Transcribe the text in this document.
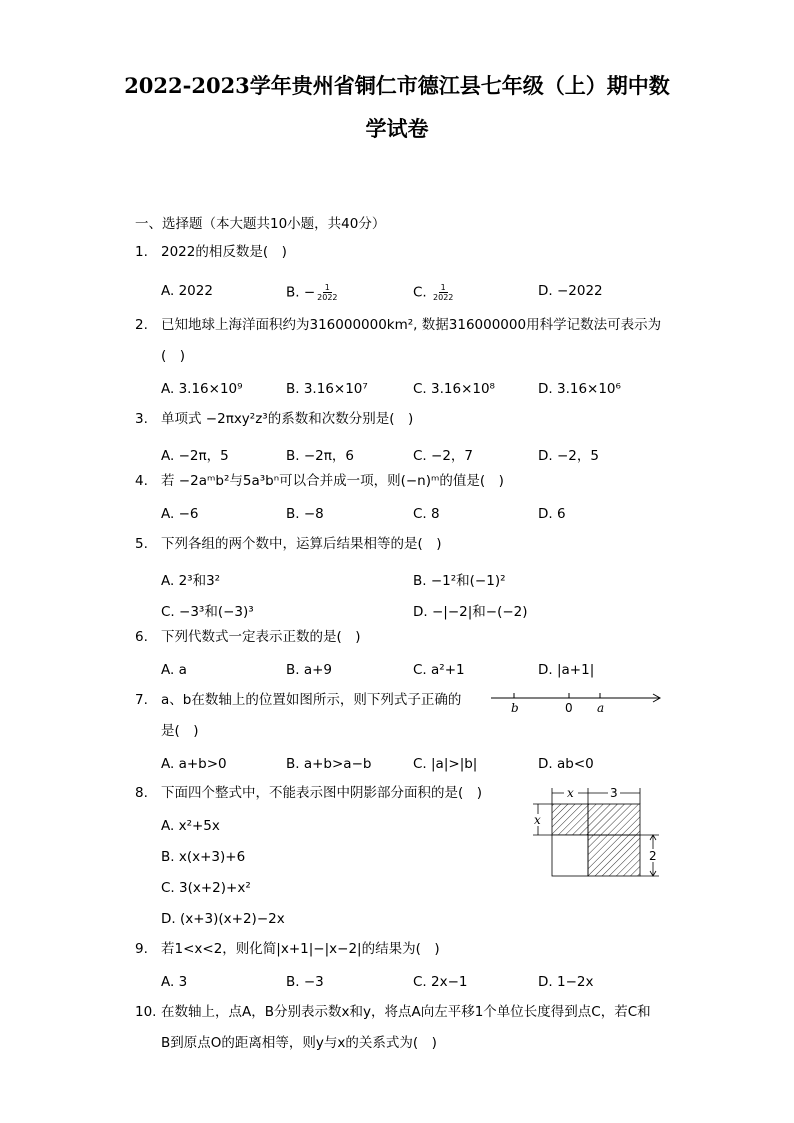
2022-2023学年贵州省铜仁市德江县七年级（上）期中数
学试卷
一、选择题（本大题共10小题，共40分）
1. 2022的相反数是(　)
A. 2022	B. − $\frac{1}{2022}$	C. $\frac{1}{2022}$	D. −2022
2. 已知地球上海洋面积约为316000000km², 数据316000000用科学记数法可表示为
(　)
A. 3.16×10⁹	B. 3.16×10⁷	C. 3.16×10⁸	D. 3.16×10⁶
3. 单项式 −2πxy²z³的系数和次数分别是(　)
A. −2π，5	B. −2π，6	C. −2，7	D. −2，5
4. 若 −2aᵐb²与5a³bⁿ可以合并成一项，则(−n)ᵐ的值是(　)
A. −6	B. −8	C. 8	D. 6
5. 下列各组的两个数中，运算后结果相等的是(　)
A. 2³和3²	B. −1²和(−1)²
C. −3³和(−3)³	D. −|−2|和−(−2)
6. 下列代数式一定表示正数的是(　)
A. a	B. a+9	C. a²+1	D. |a+1|
7. a、b在数轴上的位置如图所示，则下列式子正确的
是(　)
b	0 a
A. a+b>0	B. a+b>a−b	C. |a|>|b|	D. ab<0
8. 下面四个整式中，不能表示图中阴影部分面积的是(　)
A. x²+5x
B. x(x+3)+6
C. 3(x+2)+x²
D. (x+3)(x+2)−2x
x	3
x
2
9. 若1<x<2，则化简|x+1|−|x−2|的结果为(　)
A. 3	B. −3	C. 2x−1	D. 1−2x
10. 在数轴上，点A，B分别表示数x和y，将点A向左平移1个单位长度得到点C，若C和
B到原点O的距离相等，则y与x的关系式为(　)
